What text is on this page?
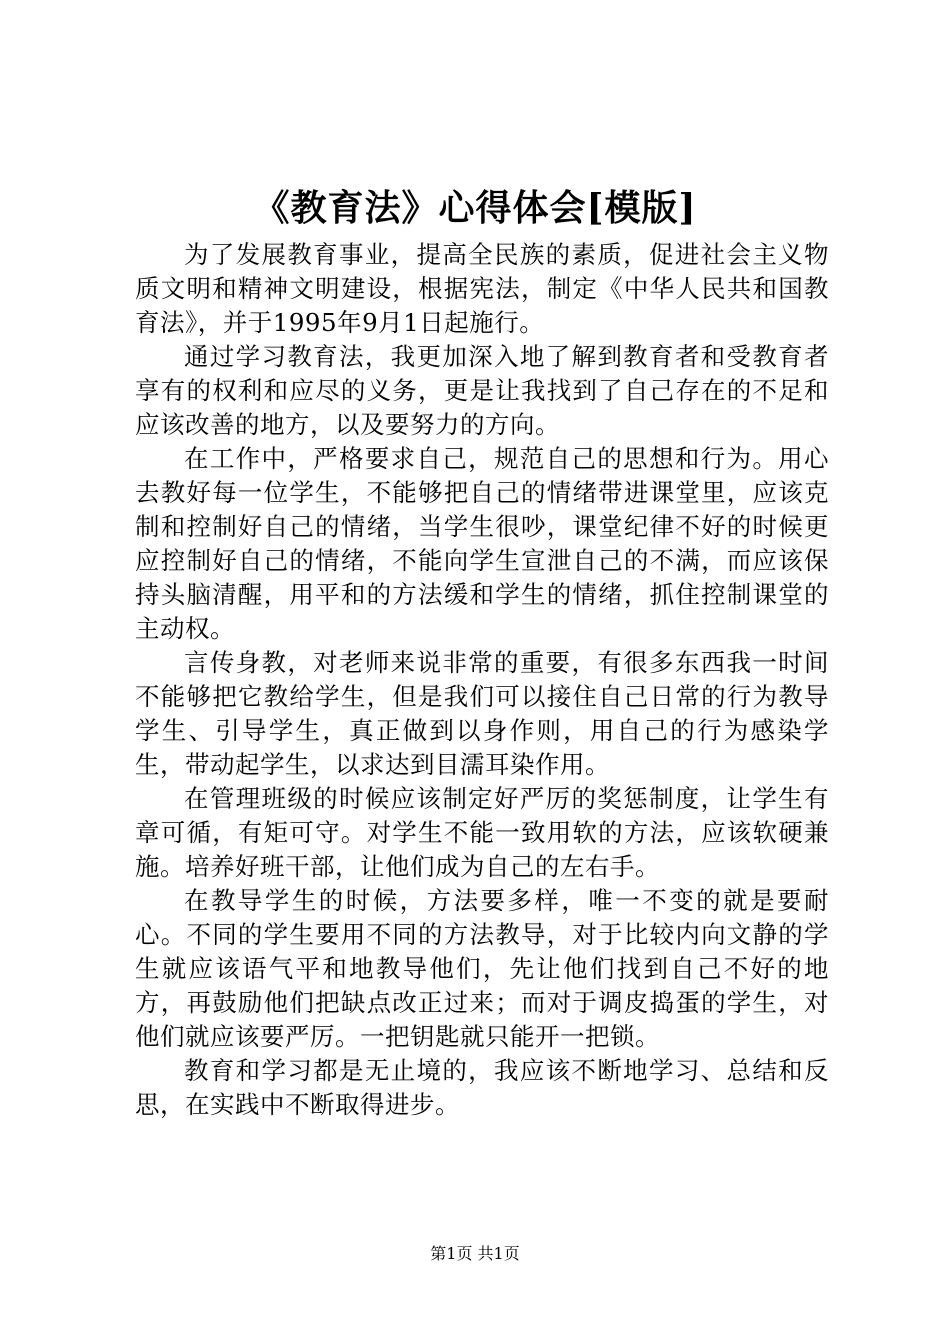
《教育法》心得体会[模版]

为了发展教育事业，提高全民族的素质，促进社会主义物质文明和精神文明建设，根据宪法，制定《中华人民共和国教育法》，并于1995年9月1日起施行。

通过学习教育法，我更加深入地了解到教育者和受教育者享有的权利和应尽的义务，更是让我找到了自己存在的不足和应该改善的地方，以及要努力的方向。

在工作中，严格要求自己，规范自己的思想和行为。用心去教好每一位学生，不能够把自己的情绪带进课堂里，应该克制和控制好自己的情绪，当学生很吵，课堂纪律不好的时候更应控制好自己的情绪，不能向学生宣泄自己的不满，而应该保持头脑清醒，用平和的方法缓和学生的情绪，抓住控制课堂的主动权。

言传身教，对老师来说非常的重要，有很多东西我一时间不能够把它教给学生，但是我们可以接住自己日常的行为教导学生、引导学生，真正做到以身作则，用自己的行为感染学生，带动起学生，以求达到目濡耳染作用。

在管理班级的时候应该制定好严厉的奖惩制度，让学生有章可循，有矩可守。对学生不能一致用软的方法，应该软硬兼施。培养好班干部，让他们成为自己的左右手。

在教导学生的时候，方法要多样，唯一不变的就是要耐心。不同的学生要用不同的方法教导，对于比较内向文静的学生就应该语气平和地教导他们，先让他们找到自己不好的地方，再鼓励他们把缺点改正过来；而对于调皮捣蛋的学生，对他们就应该要严厉。一把钥匙就只能开一把锁。

教育和学习都是无止境的，我应该不断地学习、总结和反思，在实践中不断取得进步。

第1页 共1页
